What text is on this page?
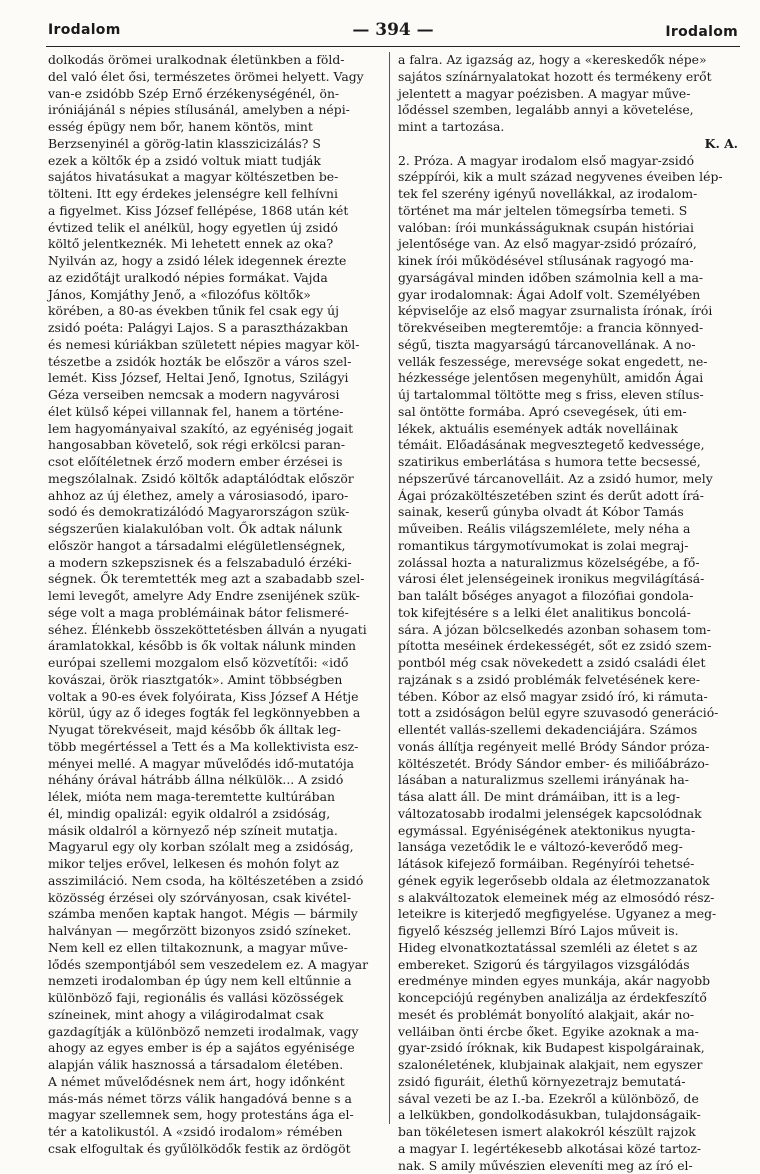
Irodalom	— 394 —	Irodalom
dolkodás örömei uralkodnak életünkben a föld-
del való élet ősi, természetes örömei helyett. Vagy
van-e zsidóbb Szép Ernő érzékenységénél, ön-
iróniájánál s népies stílusánál, amelyben a népi-
esség épügy nem bőr, hanem köntös, mint
Berzsenyinél a görög-latin klasszicizálás? S
ezek a költők ép a zsidó voltuk miatt tudják
sajátos hivatásukat a magyar költészetben be-
tölteni. Itt egy érdekes jelenségre kell felhívni
a figyelmet. Kiss József fellépése, 1868 után két
évtized telik el anélkül, hogy egyetlen új zsidó
költő jelentkeznék. Mi lehetett ennek az oka?
Nyilván az, hogy a zsidó lélek idegennek érezte
az ezidőtájt uralkodó népies formákat. Vajda
János, Komjáthy Jenő, a «filozófus költők»
körében, a 80-as években tűnik fel csak egy új
zsidó poéta: Palágyi Lajos. S a parasztházakban
és nemesi kúriákban született népies magyar köl-
tészetbe a zsidók hozták be először a város szel-
lemét. Kiss József, Heltai Jenő, Ignotus, Szilágyi
Géza verseiben nemcsak a modern nagyvárosi
élet külső képei villannak fel, hanem a történe-
lem hagyományaival szakító, az egyéniség jogait
hangosabban követelő, sok régi erkölcsi paran-
csot előítéletnek érző modern ember érzései is
megszólalnak. Zsidó költők adaptálódtak először
ahhoz az új élethez, amely a városiasodó, iparo-
sodó és demokratizálódó Magyarországon szük-
ségszerűen kialakulóban volt. Ők adtak nálunk
először hangot a társadalmi elégületlenségnek,
a modern szkepszisnek és a felszabaduló érzéki-
ségnek. Ők teremtették meg azt a szabadabb szel-
lemi levegőt, amelyre Ady Endre zsenijének szük-
sége volt a maga problémáinak bátor felismeré-
séhez. Élénkebb összeköttetésben állván a nyugati
áramlatokkal, később is ők voltak nálunk minden
európai szellemi mozgalom első közvetítői: «idő
kovászai, örök riasztgatók». Amint többségben
voltak a 90-es évek folyóirata, Kiss József A Hétje
körül, úgy az ő ideges fogták fel legkönnyebben a
Nyugat törekvéseit, majd később ők álltak leg-
több megértéssel a Tett és a Ma kollektivista esz-
ményei mellé. A magyar művelődés idő-mutatója
néhány órával hátrább állna nélkülök... A zsidó
lélek, mióta nem maga-teremtette kultúrában
él, mindig opalizál: egyik oldalról a zsidóság,
másik oldalról a környező nép színeit mutatja.
Magyarul egy oly korban szólalt meg a zsidóság,
mikor teljes erővel, lelkesen és mohón folyt az
asszimiláció. Nem csoda, ha költészetében a zsidó
közösség érzései oly szórványosan, csak kivétel-
számba menően kaptak hangot. Mégis — bármily
halványan — megőrzött bizonyos zsidó színeket.
Nem kell ez ellen tiltakoznunk, a magyar műve-
lődés szempontjából sem veszedelem ez. A magyar
nemzeti irodalomban ép úgy nem kell eltűnnie a
különböző faji, regionális és vallási közösségek
színeinek, mint ahogy a világirodalmat csak
gazdagítják a különböző nemzeti irodalmak, vagy
ahogy az egyes ember is ép a sajátos egyénisége
alapján válik hasznossá a társadalom életében.
A német művelődésnek nem árt, hogy időnként
más-más német törzs válik hangadóvá benne s a
magyar szellemnek sem, hogy protestáns ága el-
tér a katolikustól. A «zsidó irodalom» rémében
csak elfogultak és gyűlölködők festik az ördögöt
a falra. Az igazság az, hogy a «kereskedők népe»
sajátos színárnyalatokat hozott és termékeny erőt
jelentett a magyar poézisben. A magyar műve-
lődéssel szemben, legalább annyi a követelése,
mint a tartozása.
K. A.
2. Próza. A magyar irodalom első magyar-zsidó
széppírói, kik a mult század negyvenes éveiben lép-
tek fel szerény igényű novellákkal, az irodalom-
történet ma már jeltelen tömegsírba temeti. S
valóban: írói munkásságuknak csupán históriai
jelentősége van. Az első magyar-zsidó prózaíró,
kinek írói működésével stílusának ragyogó ma-
gyarságával minden időben számolnia kell a ma-
gyar irodalomnak: Ágai Adolf volt. Személyében
képviselője az első magyar zsurnalista írónak, írói
törekvéseiben megteremtője: a francia könnyed-
ségű, tiszta magyarságú tárcanovellának. A no-
vellák feszessége, merevsége sokat engedett, ne-
hézkessége jelentősen megenyhült, amidőn Ágai
új tartalommal töltötte meg s friss, eleven stílus-
sal öntötte formába. Apró csevegések, úti em-
lékek, aktuális események adták novelláinak
témáit. Előadásának megvesztegető kedvessége,
szatirikus emberlátása s humora tette becsessé,
népszerűvé tárcanovelláit. Az a zsidó humor, mely
Ágai prózaköltészetében szint és derűt adott írá-
sainak, keserű gúnyba olvadt át Kóbor Tamás
műveiben. Reális világszemlélete, mely néha a
romantikus tárgymotívumokat is zolai megraj-
zolással hozta a naturalizmus közelségébe, a fő-
városi élet jelenségeinek ironikus megvilágításá-
ban talált bőséges anyagot a filozófiai gondola-
tok kifejtésére s a lelki élet analitikus boncolá-
sára. A józan bölcselkedés azonban sohasem tom-
pította meséinek érdekességét, sőt ez zsidó szem-
pontból még csak növekedett a zsidó családi élet
rajzának s a zsidó problémák felvetésének kere-
tében. Kóbor az első magyar zsidó író, ki rámuta-
tott a zsidóságon belül egyre szuvasodó generáció-
ellentét vallás-szellemi dekadenciájára. Számos
vonás állítja regényeit mellé Bródy Sándor próza-
költészetét. Bródy Sándor ember- és miliőábrázo-
lásában a naturalizmus szellemi irányának ha-
tása alatt áll. De mint drámáiban, itt is a leg-
változatosabb irodalmi jelenségek kapcsolódnak
egymással. Egyéniségének atektonikus nyugta-
lansága vezetődik le e változó-keverődő meg-
látások kifejező formáiban. Regényírói tehetsé-
gének egyik legerősebb oldala az életmozzanatok
s alakváltozatok elemeinek még az elmosódó rész-
leteikre is kiterjedő megfigyelése. Ugyanez a meg-
figyelő készség jellemzi Bíró Lajos műveit is.
Hideg elvonatkoztatással szemléli az életet s az
embereket. Szigorú és tárgyilagos vizsgálódás
eredménye minden egyes munkája, akár nagyobb
koncepciójú regényben analizálja az érdekfeszítő
mesét és problémát bonyolító alakjait, akár no-
velláiban önti ércbe őket. Egyike azoknak a ma-
gyar-zsidó íróknak, kik Budapest kispolgárainak,
szalonéletének, klubjainak alakjait, nem egyszer
zsidó figuráit, élethű környezetrajz bemutatá-
sával vezeti be az I.-ba. Ezekről a különböző, de
a lelkükben, gondolkodásukban, tulajdonságaik-
ban tökéletesen ismert alakokról készült rajzok
a magyar I. legértékesebb alkotásai közé tartoz-
nak. S amily művészien eleveníti meg az író el-
